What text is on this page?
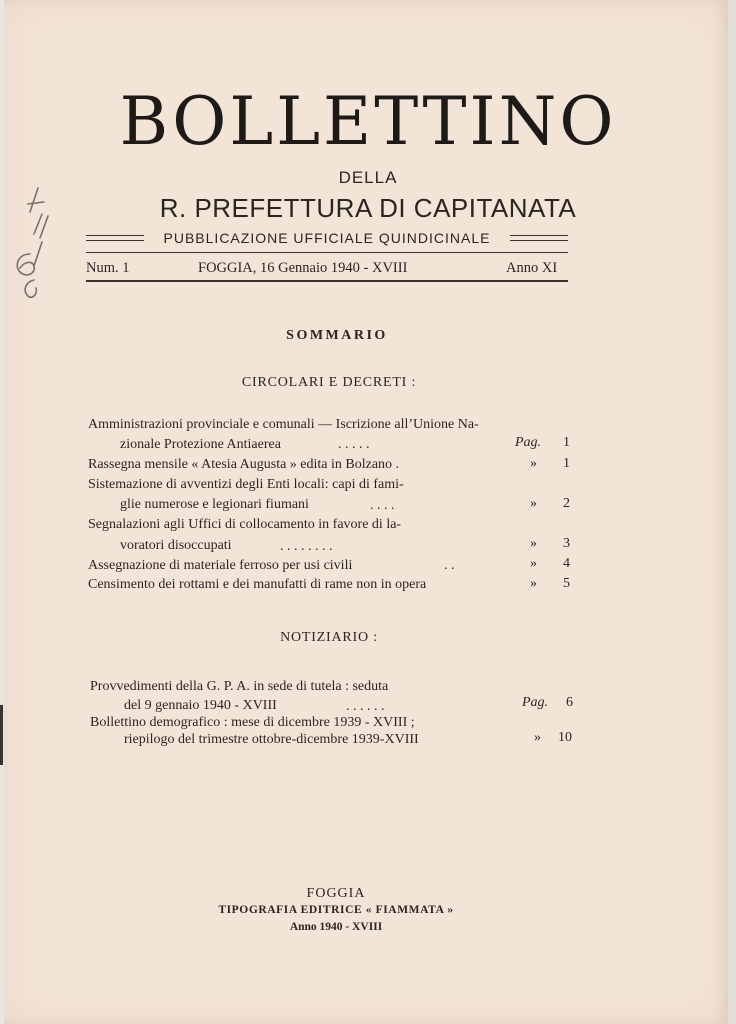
BOLLETTINO
DELLA
R. PREFETTURA DI CAPITANATA
PUBBLICAZIONE UFFICIALE QUINDICINALE
Num. 1	FOGGIA, 16 Gennaio 1940 - XVIII	Anno XI
SOMMARIO
CIRCOLARI E DECRETI :
Amministrazioni provinciale e comunali — Iscrizione all’Unione Na-
zionale Protezione Antiaerea	. . . . .	Pag. 1
Rassegna mensile « Atesia Augusta » edita in Bolzano .	» 1
Sistemazione di avventizi degli Enti locali: capi di fami-
glie numerose e legionari fiumani	. . . .	» 2
Segnalazioni agli Uffici di collocamento in favore di la-
voratori disoccupati	. . . . . . . .	» 3
Assegnazione di materiale ferroso per usi civili	. .	» 4
Censimento dei rottami e dei manufatti di rame non in opera	» 5
NOTIZIARIO :
Provvedimenti della G. P. A. in sede di tutela : seduta
del 9 gennaio 1940 - XVIII	. . . . . .	Pag. 6
Bollettino demografico : mese di dicembre 1939 - XVIII ;
riepilogo del trimestre ottobre-dicembre 1939-XVIII	» 10
FOGGIA
TIPOGRAFIA EDITRICE « FIAMMATA »
Anno 1940 - XVIII
